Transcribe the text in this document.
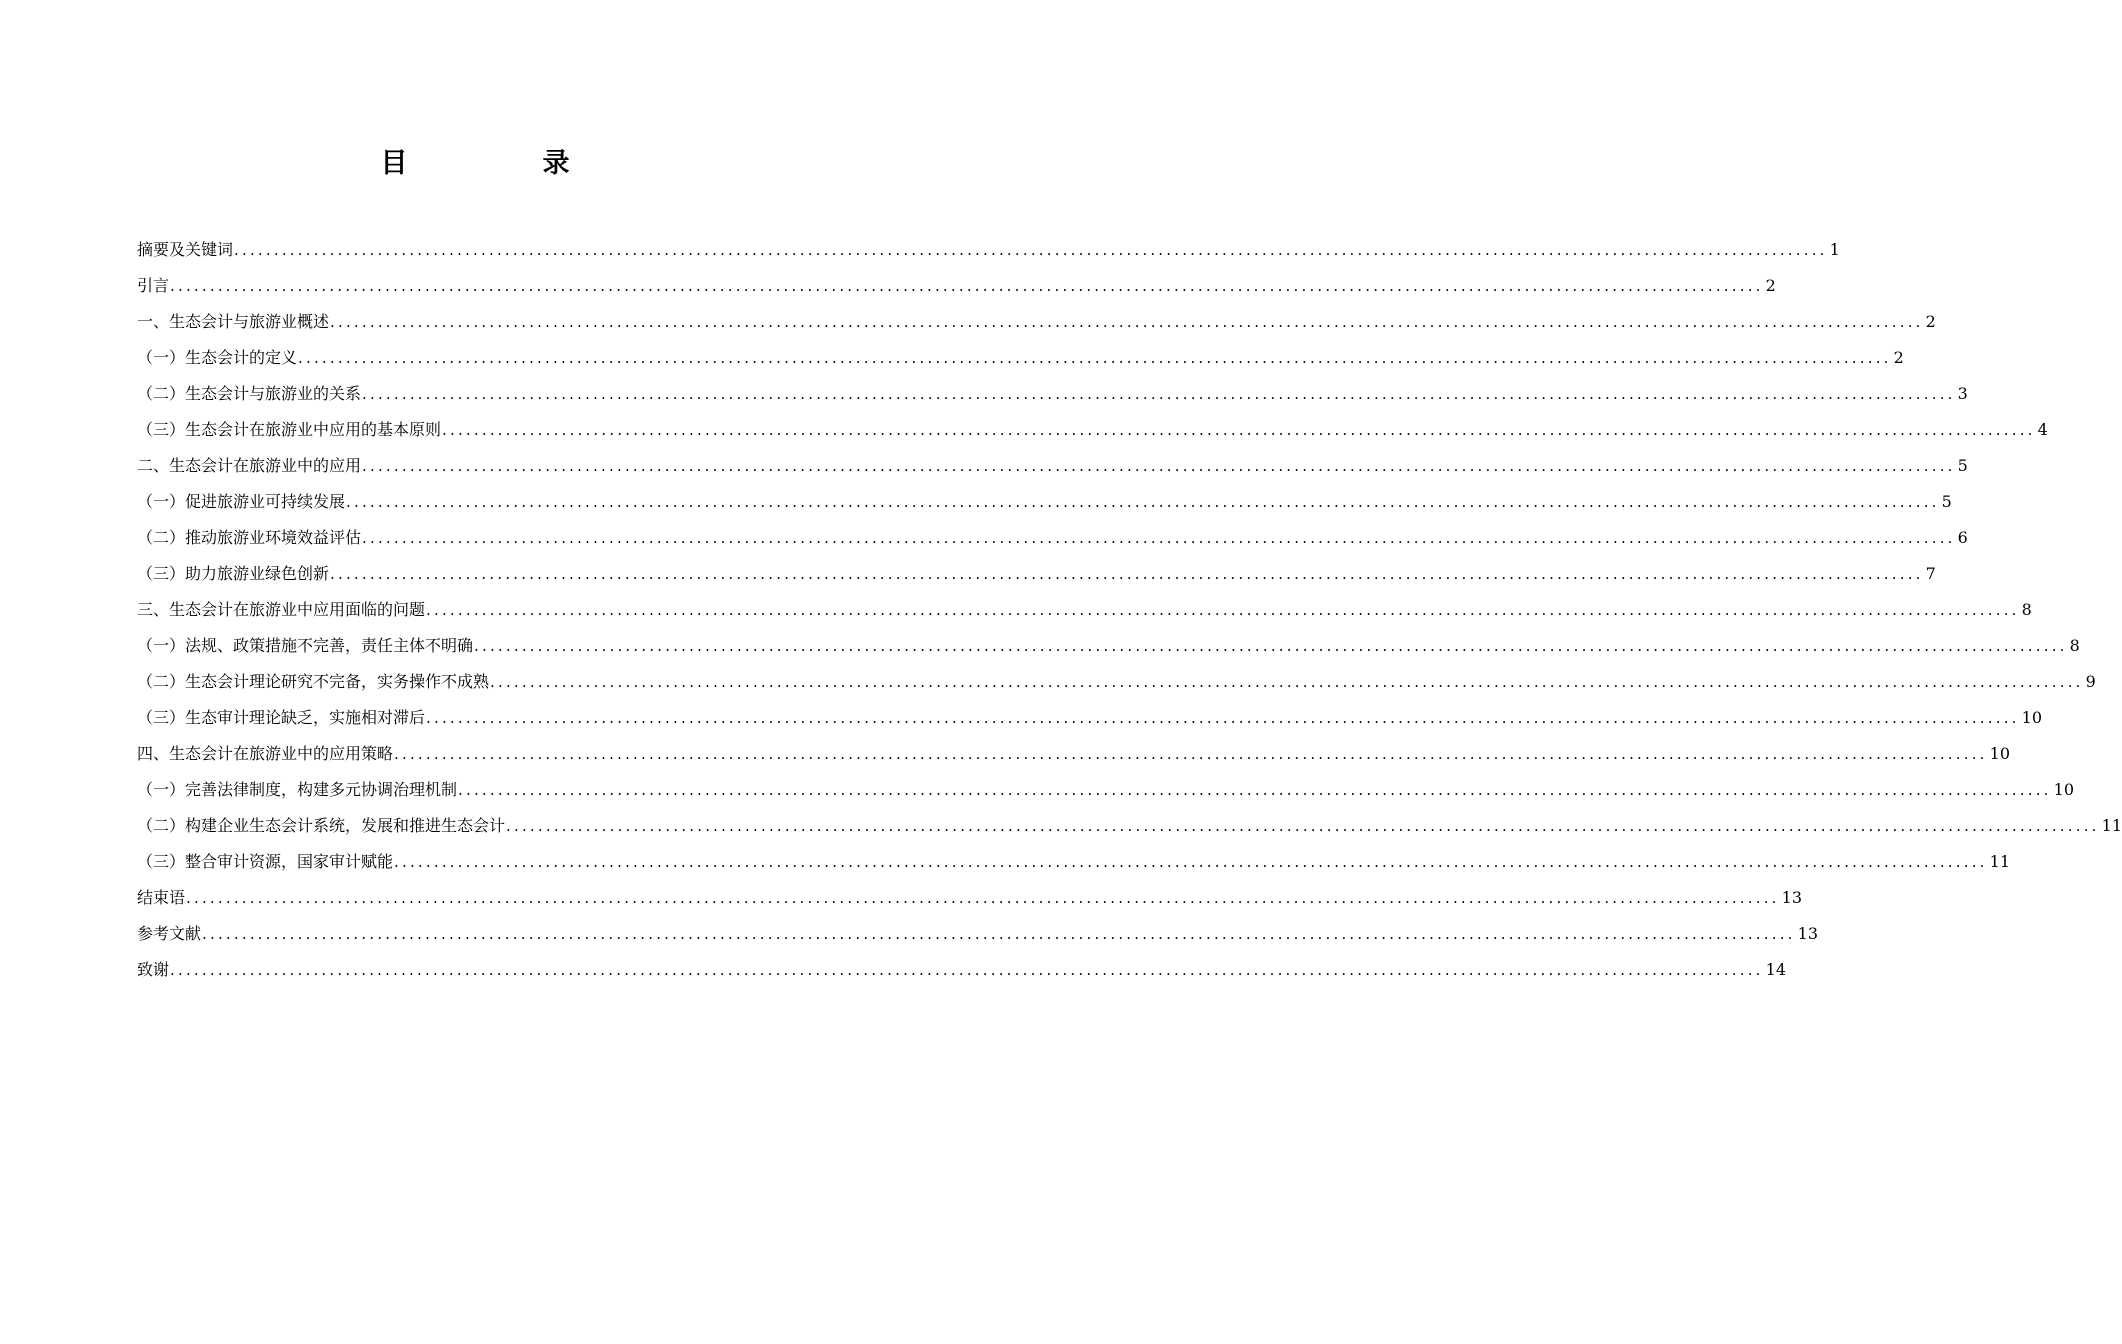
目　录
摘要及关键词 ........................................................................................................................................................................................................ 1
引言 ........................................................................................................................................................................................................ 2
一、生态会计与旅游业概述 ........................................................................................................................................................................................................ 2
（一）生态会计的定义 ........................................................................................................................................................................................................ 2
（二）生态会计与旅游业的关系 ........................................................................................................................................................................................................ 3
（三）生态会计在旅游业中应用的基本原则 ........................................................................................................................................................................................................ 4
二、生态会计在旅游业中的应用 ........................................................................................................................................................................................................ 5
（一）促进旅游业可持续发展 ........................................................................................................................................................................................................ 5
（二）推动旅游业环境效益评估 ........................................................................................................................................................................................................ 6
（三）助力旅游业绿色创新 ........................................................................................................................................................................................................ 7
三、生态会计在旅游业中应用面临的问题 ........................................................................................................................................................................................................ 8
（一）法规、政策措施不完善，责任主体不明确 ........................................................................................................................................................................................................ 8
（二）生态会计理论研究不完备，实务操作不成熟 ........................................................................................................................................................................................................ 9
（三）生态审计理论缺乏，实施相对滞后 ........................................................................................................................................................................................................ 10
四、生态会计在旅游业中的应用策略 ........................................................................................................................................................................................................ 10
（一）完善法律制度，构建多元协调治理机制 ........................................................................................................................................................................................................ 10
（二）构建企业生态会计系统，发展和推进生态会计 ........................................................................................................................................................................................................ 11
（三）整合审计资源，国家审计赋能 ........................................................................................................................................................................................................ 11
结束语 ........................................................................................................................................................................................................ 13
参考文献 ........................................................................................................................................................................................................ 13
致谢 ........................................................................................................................................................................................................ 14
